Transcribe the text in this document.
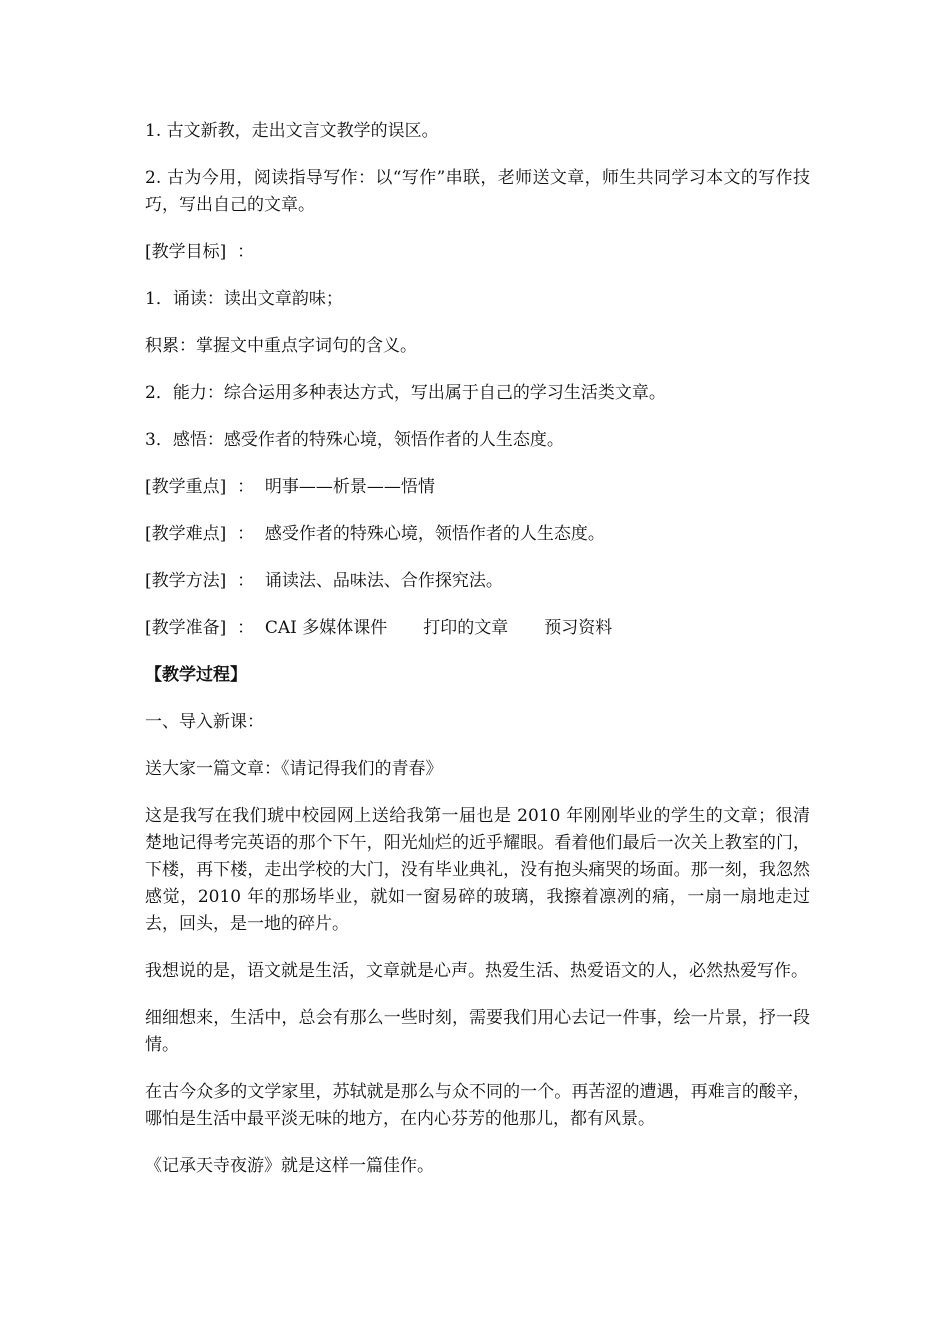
1. 古文新教，走出文言文教学的误区。

2. 古为今用，阅读指导写作：以“写作”串联，老师送文章，师生共同学习本文的写作技巧，写出自己的文章。

[教学目标]  ：

1．诵读：读出文章韵味；

积累：掌握文中重点字词句的含义。

2．能力：综合运用多种表达方式，写出属于自己的学习生活类文章。

3．感悟：感受作者的特殊心境，领悟作者的人生态度。

[教学重点]  ：  明事——析景——悟情

[教学难点]  ：  感受作者的特殊心境，领悟作者的人生态度。

[教学方法]  ：  诵读法、品味法、合作探究法。

[教学准备]  ：  CAI 多媒体课件 打印的文章 预习资料

【教学过程】

一、导入新课：

送大家一篇文章：《请记得我们的青春》

这是我写在我们琥中校园网上送给我第一届也是 2010 年刚刚毕业的学生的文章；很清楚地记得考完英语的那个下午，阳光灿烂的近乎耀眼。看着他们最后一次关上教室的门，下楼，再下楼，走出学校的大门，没有毕业典礼，没有抱头痛哭的场面。那一刻，我忽然感觉，2010 年的那场毕业，就如一窗易碎的玻璃，我擦着凛冽的痛，一扇一扇地走过去，回头，是一地的碎片。

我想说的是，语文就是生活，文章就是心声。热爱生活、热爱语文的人，必然热爱写作。

细细想来，生活中，总会有那么一些时刻，需要我们用心去记一件事，绘一片景，抒一段情。

在古今众多的文学家里，苏轼就是那么与众不同的一个。再苦涩的遭遇，再难言的酸辛，哪怕是生活中最平淡无味的地方，在内心芬芳的他那儿，都有风景。

《记承天寺夜游》就是这样一篇佳作。
